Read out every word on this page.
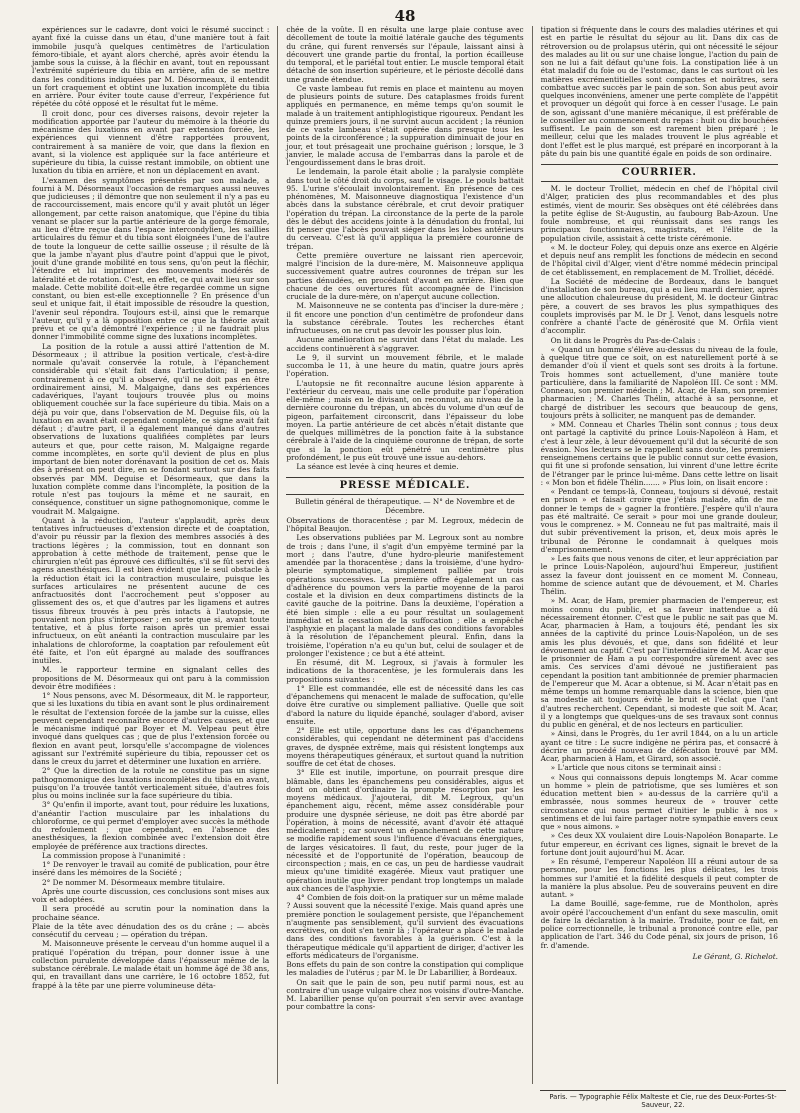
48

expériences sur le cadavre, dont voici le résumé succinct : ayant fixé la cuisse dans un étau, d'une manière tout à fait immobile jusqu'à quelques centimètres de l'articulation fémoro-tibiale, et ayant alors cherché, après avoir étendu la jambe sous la cuisse, à la fléchir en avant, tout en repoussant l'extrémité supérieure du tibia en arrière, afin de se mettre dans les conditions indiquées par M. Désormeaux, il entendit un fort craquement et obtint une luxation incomplète du tibia en arrière. Pour éviter toute cause d'erreur, l'expérience fut répétée du côté opposé et le résultat fut le même.

Il croit donc, pour ces diverses raisons, devoir rejeter la modification apportée par l'auteur du mémoire à la théorie du mécanisme des luxations en avant par extension forcée, les expériences qui viennent d'être rapportées prouvent, contrairement à sa manière de voir, que dans la flexion en avant, si la violence est appliquée sur la face antérieure et supérieure du tibia, la cuisse restant immobile, on obtient une luxation du tibia en arrière, et non un déplacement en avant.

L'examen des symptômes présentés par son malade, a fourni à M. Désormeaux l'occasion de remarques aussi neuves que judicieuses ; il démontre que non seulement il n'y a pas eu de raccourcissement, mais encore qu'il y avait plutôt un léger allongement, par cette raison anatomique, que l'épine du tibia venant se placer sur la partie antérieure de la gorge fémorale, au lieu d'être reçue dans l'espace intercondylien, les saillies articulaires du fémur et du tibia sont éloignées l'une de l'autre de toute la longueur de cette saillie osseuse ; il résulte de là que la jambe n'ayant plus d'autre point d'appui que le pivot, jouit d'une grande mobilité en tous sens, qu'on peut la fléchir, l'étendre et lui imprimer des mouvements modérés de latéralité et de rotation. C'est, en effet, ce qui avait lieu sur son malade. Cette mobilité doit-elle être regardée comme un signe constant, ou bien est-elle exceptionnelle ? En présence d'un seul et unique fait, il était impossible de résoudre la question, l'avenir seul répondra. Toujours est-il, ainsi que le remarque l'auteur, qu'il y a là opposition entre ce que la théorie avait prévu et ce qu'a démontré l'expérience ; il ne faudrait plus donner l'immobilité comme signe des luxations incomplètes.

La position de la rotule a aussi attiré l'attention de M. Désormeaux ; il attribue la position verticale, c'est-à-dire normale qu'avait conservée la rotule, à l'épanchement considérable qui s'était fait dans l'articulation; il pense, contrairement à ce qu'il a observé, qu'il ne doit pas en être ordinairement ainsi, M. Malgaigne, dans ses expériences cadavériques, l'ayant toujours trouvée plus ou moins obliquement couchée sur la face supérieure du tibia. Mais on a déjà pu voir que, dans l'observation de M. Deguise fils, où la luxation en avant était cependant complète, ce signe avait fait défaut ; d'autre part, il a également manqué dans d'autres observations de luxations qualifiées complètes par leurs auteurs et que, pour cette raison, M. Malgaigne regarde comme incomplètes, en sorte qu'il devient de plus en plus important de bien noter dorénavant la position de cet os. Mais dès à présent on peut dire, en se fondant surtout sur des faits observés par MM. Deguise et Désormeaux, que dans la luxation complète comme dans l'incomplète, la position de la rotule n'est pas toujours la même et ne saurait, en conséquence, constituer un signe pathognomonique, comme le voudrait M. Malgaigne.

Quant à la réduction, l'auteur s'applaudit, après deux tentatives infructueuses d'extension directe et de coaptation, d'avoir pu réussir par la flexion des membres associés à des tractions légères ; la commission, tout en donnant son approbation à cette méthode de traitement, pense que le chirurgien n'eût pas éprouvé ces difficultés, s'il se fût servi des agens anesthésiques. Il est bien évident que le seul obstacle à la réduction était ici la contraction musculaire, puisque les surfaces articulaires ne présentent aucune de ces anfractuosités dont l'accrochement peut s'opposer au glissement des os, et que d'autres par les ligamens et autres tissus fibreux trouvés à peu près intacts à l'autopsie, ne pouvaient non plus s'interposer ; en sorte que si, avant toute tentative, et à plus forte raison après un premier essai infructueux, on eût anéanti la contraction musculaire par les inhalations de chloroforme, la coaptation par refoulement eût été faite, et l'on eût épargné au malade des souffrances inutiles.

M. le rapporteur termine en signalant celles des propositions de M. Désormeaux qui ont paru à la commission devoir être modifiées :

1° Nous pensons, avec M. Désormeaux, dit M. le rapporteur, que si les luxations du tibia en avant sont le plus ordinairement le résultat de l'extension forcée de la jambe sur la cuisse, elles peuvent cependant reconnaître encore d'autres causes, et que le mécanisme indiqué par Boyer et M. Velpeau peut être invoqué dans quelques cas ; que de plus l'extension forcée ou flexion en avant peut, lorsqu'elle s'accompagne de violences agissant sur l'extrémité supérieure du tibia, repousser cet os dans le creux du jarret et déterminer une luxation en arrière.

2° Que la direction de la rotule ne constitue pas un signe pathognomonique des luxations incomplètes du tibia en avant, puisqu'on l'a trouvée tantôt verticalement située, d'autres fois plus ou moins inclinée sur la face supérieure du tibia.

3° Qu'enfin il importe, avant tout, pour réduire les luxations, d'anéantir l'action musculaire par les inhalations du chloroforme, ce qui permet d'employer avec succès la méthode du refoulement ; que cependant, en l'absence des anesthésiques, la flexion combinée avec l'extension doit être employée de préférence aux tractions directes.

La commission propose à l'unanimité :

1° De renvoyer le travail au comité de publication, pour être inséré dans les mémoires de la Société ;

2° De nommer M. Désormeaux membre titulaire.

Après une courte discussion, ces conclusions sont mises aux voix et adoptées.

Il sera procédé au scrutin pour la nomination dans la prochaine séance.

Plaie de la tête avec dénudation des os du crâne ; — abcès consécutif du cerveau ; — opération du trépan.

M. Maisonneuve présente le cerveau d'un homme auquel il a pratiqué l'opération du trépan, pour donner issue à une collection purulente développée dans l'épaisseur même de la substance cérébrale. Le malade était un homme âgé de 38 ans, qui, en travaillant dans une carrière, le 16 octobre 1852, fut frappé à la tête par une pierre volumineuse déta-

chée de la voûte. Il en résulta une large plaie contuse avec décollement de toute la moitié latérale gauche des téguments du crâne, qui furent renversés sur l'épaule, laissant ainsi à découvert une grande partie du frontal, la portion écailleuse du temporal, et le pariétal tout entier. Le muscle temporal était détaché de son insertion supérieure, et le périoste décollé dans une grande étendue.

Ce vaste lambeau fut remis en place et maintenu au moyen de plusieurs points de suture. Des cataplasmes froids furent appliqués en permanence, en même temps qu'on soumit le malade à un traitement antiphlogistique rigoureux. Pendant les quinze premiers jours, il ne survint aucun accident ; la réunion de ce vaste lambeau s'était opérée dans presque tous les points de la circonférence ; la suppuration diminuait de jour en jour, et tout présageait une prochaine guérison ; lorsque, le 3 janvier, le malade accusa de l'embarras dans la parole et de l'engourdissement dans le bras droit.

Le lendemain, la parole était abolie ; la paralysie complète dans tout le côté droit du corps, sauf le visage. Le pouls battait 95. L'urine s'écoulait involontairement. En présence de ces phénomènes, M. Maisonneuve diagnostiqua l'existence d'un abcès dans la substance cérébrale, et crut devoir pratiquer l'opération du trépan. La circonstance de la perte de la parole dès le début des accidens jointe à la dénudation du frontal, lui fit penser que l'abcès pouvait siéger dans les lobes antérieurs du cerveau. C'est là qu'il appliqua la première couronne de trépan.

Cette première ouverture ne laissant rien apercevoir, malgré l'incision de la dure-mère, M. Maisonneuve appliqua successivement quatre autres couronnes de trépan sur les parties dénudées, en procédant d'avant en arrière. Bien que chacune de ces ouvertures fût accompagnée de l'incision cruciale de la dure-mère, on n'aperçut aucune collection.

M. Maisonneuve ne se contenta pas d'inciser la dure-mère ; il fit encore une ponction d'un centimètre de profondeur dans la substance cérébrale. Toutes les recherches étant infructueuses, on ne crut pas devoir les pousser plus loin.

Aucune amélioration ne survint dans l'état du malade. Les accidens continuèrent à s'aggraver.

Le 9, il survint un mouvement fébrile, et le malade succomba le 11, à une heure du matin, quatre jours après l'opération.

L'autopsie ne fit reconnaître aucune lésion apparente à l'extérieur du cerveau, mais une celle produite par l'opération elle-même ; mais en le divisant, on reconnut, au niveau de la dernière couronne du trépan, un abcès du volume d'un œuf de pigeon, parfaitement circonscrit, dans l'épaisseur du lobe moyen. La partie antérieure de cet abcès n'était distante que de quelques millimètres de la ponction faite à la substance cérébrale à l'aide de la cinquième couronne de trépan, de sorte que si la ponction eût pénétré un centimètre plus profondément, le pus eût trouvé une issue au-dehors.

La séance est levée à cinq heures et demie.

PRESSE MÉDICALE.
Bulletin général de thérapeutique. — N° de Novembre et de Décembre.

Observations de thoracentèse ; par M. Legroux, médecin de l'hôpital Beaujon.

Les observations publiées par M. Legroux sont au nombre de trois ; dans l'une, il s'agit d'un empyème terminé par la mort ; dans l'autre, d'une hydro-pleurie manifestement amendée par la thoracentèse ; dans la troisième, d'une hydro-pleurie symptomatique, simplement palliée par trois opérations successives. La première offre également un cas d'adhérence du poumon vers la partie moyenne de la paroi costale et la division en deux compartimens distincts de la cavité gauche de la poitrine. Dans la deuxième, l'opération a été bien simple : elle a eu pour résultat un soulagement immédiat et la cessation de la suffocation ; elle a empêché l'asphyxie en plaçant la malade dans des conditions favorables à la résolution de l'épanchement pleural. Enfin, dans la troisième, l'opération n'a eu qu'un but, celui de soulager et de prolonger l'existence ; ce but a été atteint.

En résumé, dit M. Legroux, si j'avais à formuler les indications de la thoracentèse, je les formulerais dans les propositions suivantes :

1° Elle est commandée, elle est de nécessité dans les cas d'épanchemens qui menacent le malade de suffocation, qu'elle doive être curative ou simplement palliative. Quelle que soit d'abord la nature du liquide épanché, soulager d'abord, aviser ensuite.

2° Elle est utile, opportune dans les cas d'épanchemens considérables, qui cependant ne déterminent pas d'accidens graves, de dyspnée extrême, mais qui résistent longtemps aux moyens thérapeutiques généraux, et surtout quand la nutrition souffre de cet état de choses.

3° Elle est inutile, importune, on pourrait presque dire blâmable, dans les épanchemens peu considérables, aigus et dont on obtient d'ordinaire la prompte résorption par les moyens médicaux. J'ajouterai, dit M. Legroux, qu'un épanchement aigu, récent, même assez considérable pour produire une dyspnée sérieuse, ne doit pas être abordé par l'opération, à moins de nécessité, avant d'avoir été attaqué médicalement ; car souvent un épanchement de cette nature se modifie rapidement sous l'influence d'évacuans énergiques, de larges vésicatoires. Il faut, du reste, pour juger de la nécessité et de l'opportunité de l'opération, beaucoup de circonspection ; mais, en ce cas, un peu de hardiesse vaudrait mieux qu'une timidité exagérée. Mieux vaut pratiquer une opération inutile que livrer pendant trop longtemps un malade aux chances de l'asphyxie.

4° Combien de fois doit-on la pratiquer sur un même malade ? Aussi souvent que la nécessité l'exige. Mais quand après une première ponction le soulagement persiste, que l'épanchement n'augmente pas sensiblement, qu'il survient des évacuations excrétives, on doit s'en tenir là ; l'opérateur a placé le malade dans des conditions favorables à la guérison. C'est à la thérapeutique médicale qu'il appartient de diriger, d'activer les efforts médicateurs de l'organisme.

Bons effets du pain de son contre la constipation qui complique les maladies de l'utérus ; par M. le Dr Labarillier, à Bordeaux.

On sait que le pain de son, peu nutif parmi nous, est au contraire d'un usage vulgaire chez nos voisins d'outre-Manche. M. Labarillier pense qu'on pourrait s'en servir avec avantage pour combattre la cons-

tipation si fréquente dans le cours des maladies utérines et qui est en partie le résultat du séjour au lit. Dans dix cas de rétroversion ou de prolapsus utérin, qui ont nécessité le séjour des malades au lit ou sur une chaise longue, l'action du pain de son ne lui a fait défaut qu'une fois. La constipation liée à un état maladif du foie ou de l'estomac, dans le cas surtout où les matières excrémentitielles sont compactes et noirâtres, sera combattue avec succès par le pain de son. Son abus peut avoir quelques inconvéniens, amener une perte complète de l'appétit et provoquer un dégoût qui force à en cesser l'usage. Le pain de son, agissant d'une manière mécanique, il est préférable de le conseiller au commencement du repas : huit ou dix bouchées suffisent. Le pain de son est rarement bien préparé ; le meilleur, celui que les malades trouvent le plus agréable et dont l'effet est le plus marqué, est préparé en incorporant à la pâte du pain bis une quantité égale en poids de son ordinaire.

COURRIER.

M. le docteur Trolliet, médecin en chef de l'hôpital civil d'Alger, praticien des plus recommandables et des plus estimés, vient de mourir. Ses obsèques ont été célébrées dans la petite église de St-Augustin, au faubourg Bab-Azoun. Une foule nombreuse, et qui réunissait dans ses rangs les principaux fonctionnaires, magistrats, et l'élite de la population civile, assistait à cette triste cérémonie.

« M. le docteur Foley, qui depuis onze ans exerce en Algérie et depuis neuf ans remplit les fonctions de médecin en second de l'hôpital civil d'Alger, vient d'être nommé médecin principal de cet établissement, en remplacement de M. Trolliet, décédé.

La Société de médecine de Bordeaux, dans le banquet d'installation de son bureau, qui a eu lieu mardi dernier, après une allocution chaleureuse du président, M. le docteur Gintrac père, a couvert de ses bravos les plus sympathiques des couplets improvisés par M. le Dr J. Venot, dans lesquels notre confrère a chanté l'acte de générosité que M. Orfila vient d'accomplir.

On lit dans le Progrès du Pas-de-Calais :

« Quand un homme s'élève au-dessus du niveau de la foule, à quelque titre que ce soit, on est naturellement porté à se demander d'où il vient et quels sont ses droits à la fortune. Trois hommes sont actuellement, d'une manière toute particulière, dans la familiarité de Napoléon III. Ce sont : MM. Conneau, son premier médecin ; M. Acar, de Ham, son premier pharmacien ; M. Charles Thélin, attaché à sa personne, et chargé de distribuer les secours que beaucoup de gens, toujours prêts à solliciter, ne manquent pas de demander.

» MM. Conneau et Charles Thélin sont connus ; tous deux ont partagé la captivité du prince Louis-Napoléon à Ham, et c'est à leur zèle, à leur dévouement qu'il dut la sécurité de son évasion. Nos lecteurs se le rappellent sans doute, les premiers renseignemens certains que le public connut sur cette évasion, qui fit une si profonde sensation, lui vinrent d'une lettre écrite de l'étranger par le prince lui-même. Dans cette lettre on lisait : « Mon bon et fidèle Thélin....... » Plus loin, on lisait encore :

« Pendant ce temps-là, Conneau, toujours si dévoué, restait en prison » et faisait croire que j'étais malade, afin de me donner le temps de » gagner la frontière. J'espère qu'il n'aura pas été maltraité. Ce serait » pour moi une grande douleur, vous le comprenez. » M. Conneau ne fut pas maltraité, mais il dut subir préventivement la prison, et, deux mois après le tribunal de Péronne le condamnait à quelques mois d'emprisonnement.

» Les faits que nous venons de citer, et leur appréciation par le prince Louis-Napoléon, aujourd'hui Empereur, justifient assez la faveur dont jouissent en ce moment M. Conneau, homme de science autant que de dévouement, et M. Charles Thélin.

» M. Acar, de Ham, premier pharmacien de l'empereur, est moins connu du public, et sa faveur inattendue a dû nécessairement étonner. C'est que le public ne sait pas que M. Acar, pharmacien à Ham, a toujours été, pendant les six années de la captivité du prince Louis-Napoléon, un de ses amis les plus dévoués, et que, dans son fidélité et leur dévouement au captif. C'est par l'intermédiaire de M. Acar que le prisonnier de Ham a pu correspondre sûrement avec ses amis. Ces services d'ami dévoué ne justifieraient pas cependant la position tant ambitionnée de premier pharmacien de l'empereur que M. Acar a obtenue, si M. Acar n'était pas en même temps un homme remarquable dans la science, bien que sa modestie ait toujours évité le bruit et l'éclat que l'ant d'autres recherchent. Cependant, si modeste que soit M. Acar, il y a longtemps que quelques-uns de ses travaux sont connus du public en général, et de nos lecteurs en particulier.

» Ainsi, dans le Progrès, du 1er avril 1844, on a lu un article ayant ce titre : Le sucre indigène ne périra pas, et consacré à décrire un procédé nouveau de défécation trouvé par MM. Acar, pharmacien à Ham, et Girard, son associé.

» L'article que nous citons se terminait ainsi :

« Nous qui connaissons depuis longtemps M. Acar comme un homme » plein de patriotisme, que ses lumières et son éducation mettent bien » au-dessus de la carrière qu'il a embrassée, nous sommes heureux de » trouver cette circonstance qui nous permet d'initier le public à nos » sentimens et de lui faire partager notre sympathie envers ceux que » nous aimons. »

» Ces deux XX voulaient dire Louis-Napoléon Bonaparte. Le futur empereur, en écrivant ces lignes, signait le brevet de la fortune dont jouit aujourd'hui M. Acar.

» En résumé, l'empereur Napoléon III a réuni autour de sa personne, pour les fonctions les plus délicates, les trois hommes sur l'amitié et la fidélité desquels il peut compter de la manière la plus absolue. Peu de souverains peuvent en dire autant. »

La dame Bouillé, sage-femme, rue de Montholon, après avoir opéré l'accouchement d'un enfant du sexe masculin, omit de faire la déclaration à la mairie. Traduite, pour ce fait, en police correctionnelle, le tribunal a prononcé contre elle, par application de l'art. 346 du Code pénal, six jours de prison, 16 fr. d'amende.

Le Gérant, G. Richelot.
Paris. — Typographie Félix Malteste et Cie, rue des Deux-Portes-St-Sauveur, 22.
